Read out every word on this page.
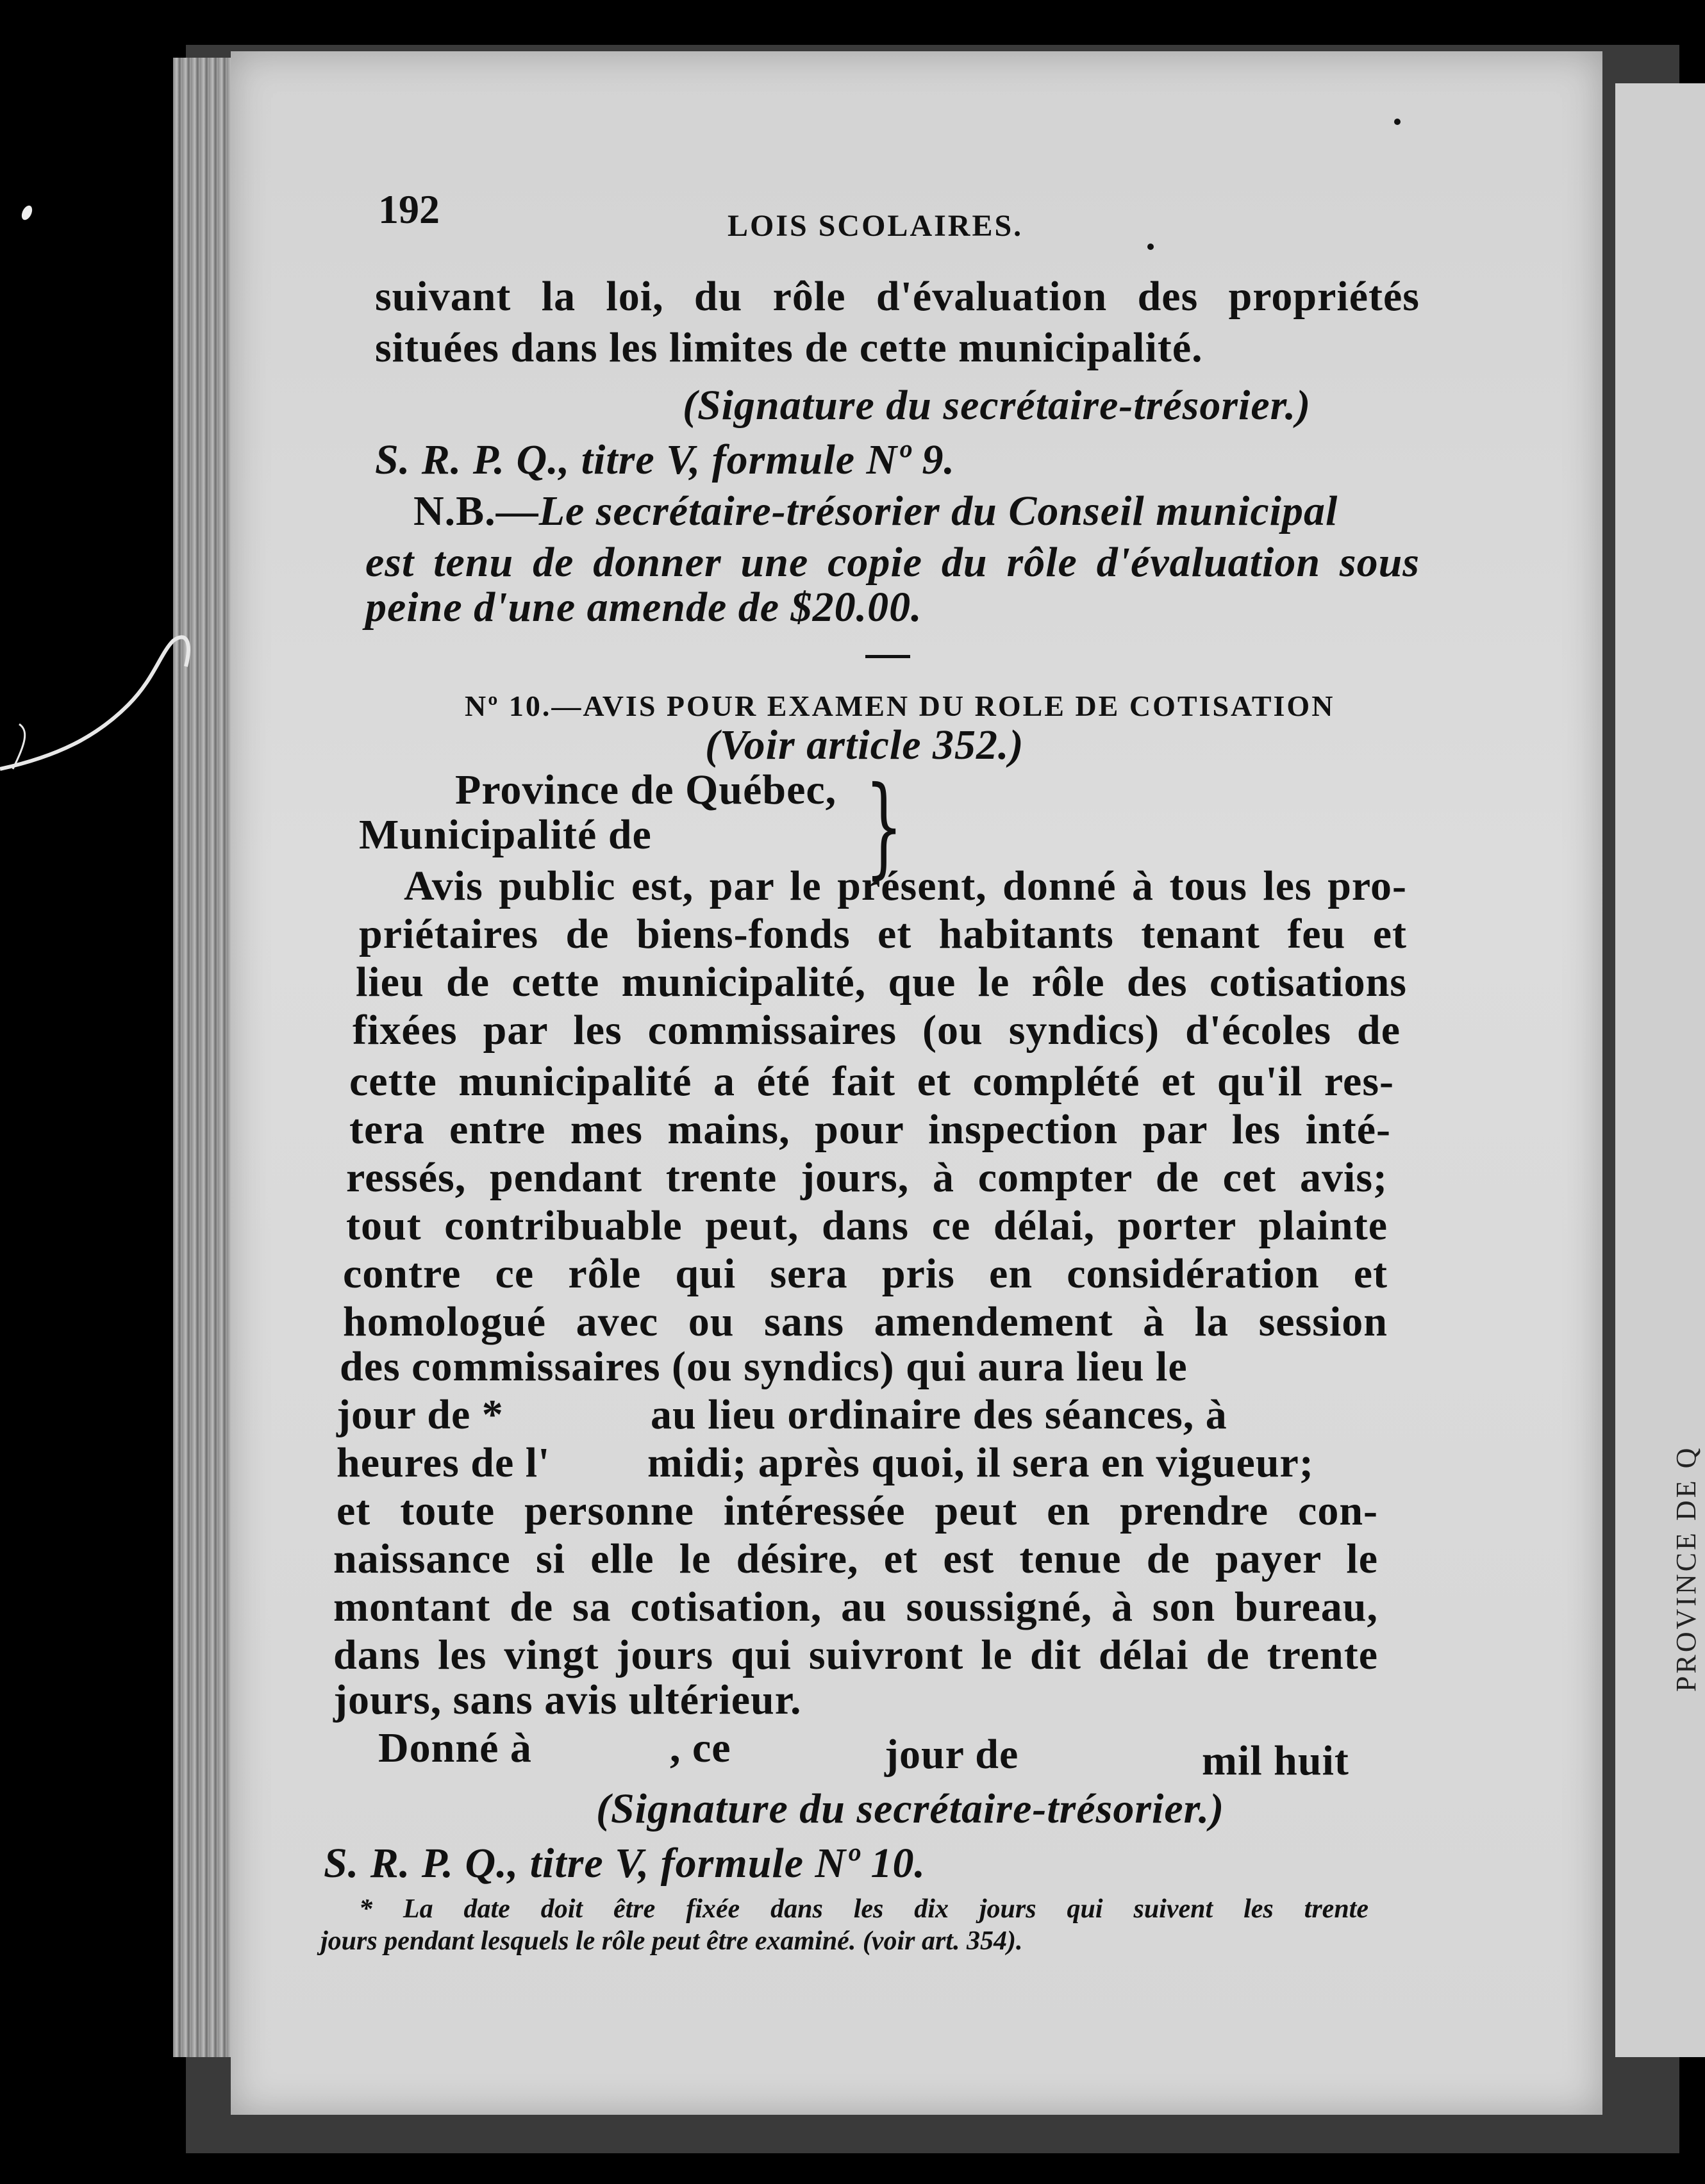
192	LOIS SCOLAIRES.
suivant la loi, du rôle d'évaluation des propriétés
situées dans les limites de cette municipalité.
(Signature du secrétaire-trésorier.)
S. R. P. Q., titre V, formule Nº 9.
N.B.—Le secrétaire-trésorier du Conseil municipal
est tenu de donner une copie du rôle d'évaluation sous
peine d'une amende de $20.00.
Nº 10.—AVIS POUR EXAMEN DU ROLE DE COTISATION
(Voir article 352.)
Province de Québec,
Municipalité de }
Avis public est, par le présent, donné à tous les pro-
priétaires de biens-fonds et habitants tenant feu et
lieu de cette municipalité, que le rôle des cotisations
fixées par les commissaires (ou syndics) d'écoles de
cette municipalité a été fait et complété et qu'il res-
tera entre mes mains, pour inspection par les inté-
ressés, pendant trente jours, à compter de cet avis;
tout contribuable peut, dans ce délai, porter plainte
contre ce rôle qui sera pris en considération et
homologué avec ou sans amendement à la session
des commissaires (ou syndics) qui aura lieu le
jour de *	au lieu ordinaire des séances, à
heures de l' midi; après quoi, il sera en vigueur;
et toute personne intéressée peut en prendre con-
naissance si elle le désire, et est tenue de payer le
montant de sa cotisation, au soussigné, à son bureau,
dans les vingt jours qui suivront le dit délai de trente
jours, sans avis ultérieur.
Donné à	, ce	jour de	mil huit
(Signature du secrétaire-trésorier.)
S. R. P. Q., titre V, formule Nº 10.
* La date doit être fixée dans les dix jours qui suivent les trente
jours pendant lesquels le rôle peut être examiné. (voir art. 354).
